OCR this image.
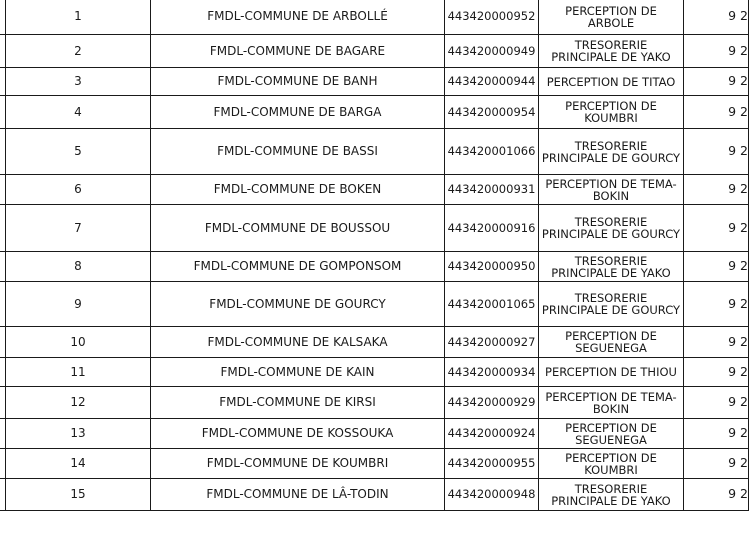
	1	FMDL-COMMUNE DE ARBOLLÉ	443420000952	PERCEPTION DE ARBOLE	9 2
	2	FMDL-COMMUNE DE BAGARE	443420000949	TRESORERIE PRINCIPALE DE YAKO	9 2
	3	FMDL-COMMUNE DE BANH	443420000944	PERCEPTION DE TITAO	9 2
	4	FMDL-COMMUNE DE BARGA	443420000954	PERCEPTION DE KOUMBRI	9 2
	5	FMDL-COMMUNE DE BASSI	443420001066	TRESORERIE PRINCIPALE DE GOURCY	9 2
	6	FMDL-COMMUNE DE BOKEN	443420000931	PERCEPTION DE TEMA-BOKIN	9 2
	7	FMDL-COMMUNE DE BOUSSOU	443420000916	TRESORERIE PRINCIPALE DE GOURCY	9 2
	8	FMDL-COMMUNE DE GOMPONSOM	443420000950	TRESORERIE PRINCIPALE DE YAKO	9 2
	9	FMDL-COMMUNE DE GOURCY	443420001065	TRESORERIE PRINCIPALE DE GOURCY	9 2
	10	FMDL-COMMUNE DE KALSAKA	443420000927	PERCEPTION DE SEGUENEGA	9 2
	11	FMDL-COMMUNE DE KAIN	443420000934	PERCEPTION DE THIOU	9 2
	12	FMDL-COMMUNE DE KIRSI	443420000929	PERCEPTION DE TEMA-BOKIN	9 2
	13	FMDL-COMMUNE DE KOSSOUKA	443420000924	PERCEPTION DE SEGUENEGA	9 2
	14	FMDL-COMMUNE DE KOUMBRI	443420000955	PERCEPTION DE KOUMBRI	9 2
	15	FMDL-COMMUNE DE LÂ-TODIN	443420000948	TRESORERIE PRINCIPALE DE YAKO	9 2
